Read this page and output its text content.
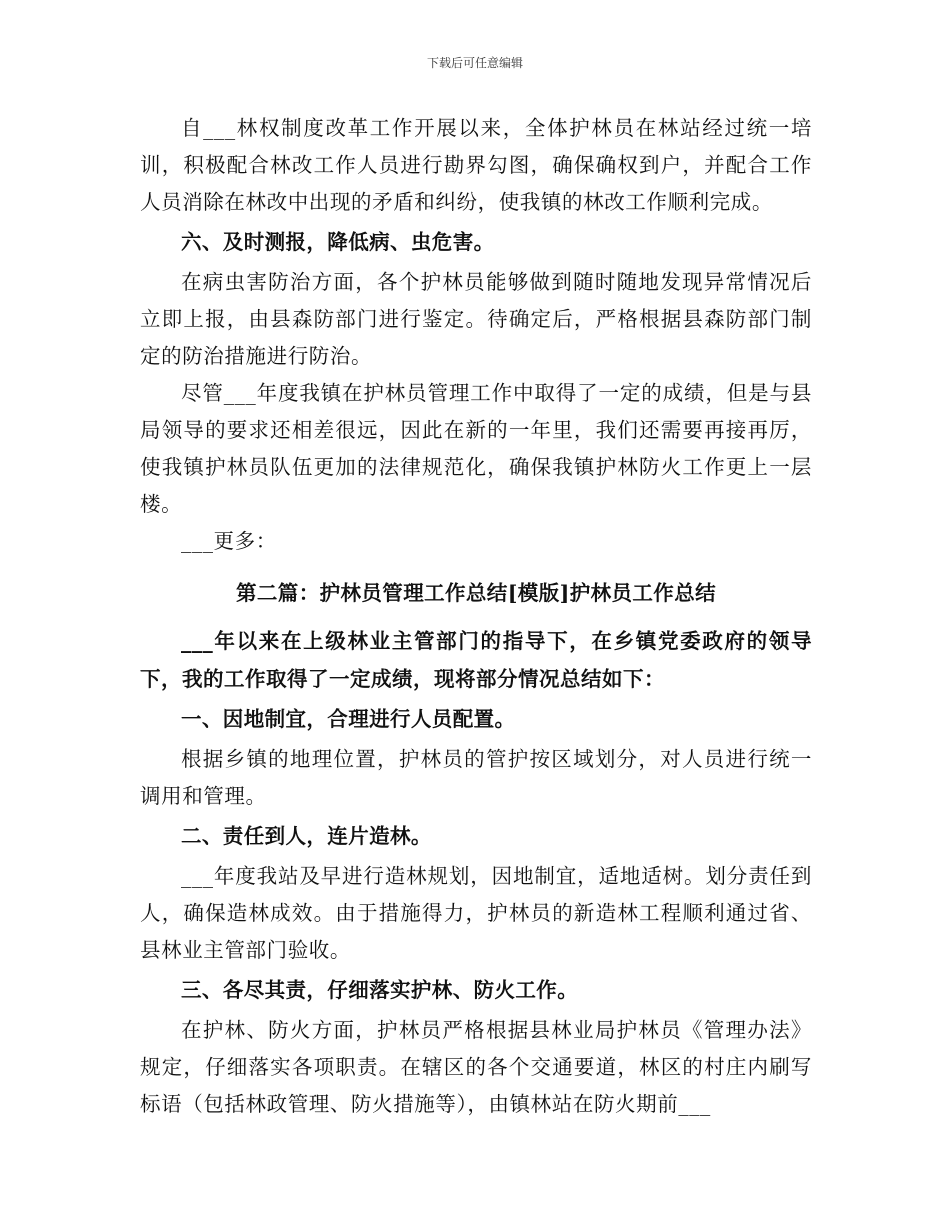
下载后可任意编辑

自___林权制度改革工作开展以来，全体护林员在林站经过统一培训，积极配合林改工作人员进行勘界勾图，确保确权到户，并配合工作人员消除在林改中出现的矛盾和纠纷，使我镇的林改工作顺利完成。

六、及时测报，降低病、虫危害。

在病虫害防治方面，各个护林员能够做到随时随地发现异常情况后立即上报，由县森防部门进行鉴定。待确定后，严格根据县森防部门制定的防治措施进行防治。

尽管___年度我镇在护林员管理工作中取得了一定的成绩，但是与县局领导的要求还相差很远，因此在新的一年里，我们还需要再接再厉，使我镇护林员队伍更加的法律规范化，确保我镇护林防火工作更上一层楼。

___更多：

第二篇：护林员管理工作总结[模版]护林员工作总结

___年以来在上级林业主管部门的指导下，在乡镇党委政府的领导下，我的工作取得了一定成绩，现将部分情况总结如下：

一、因地制宜，合理进行人员配置。

根据乡镇的地理位置，护林员的管护按区域划分，对人员进行统一调用和管理。

二、责任到人，连片造林。

___年度我站及早进行造林规划，因地制宜，适地适树。划分责任到人，确保造林成效。由于措施得力，护林员的新造林工程顺利通过省、县林业主管部门验收。

三、各尽其责，仔细落实护林、防火工作。

在护林、防火方面，护林员严格根据县林业局护林员《管理办法》规定，仔细落实各项职责。在辖区的各个交通要道，林区的村庄内刷写标语（包括林政管理、防火措施等），由镇林站在防火期前___
